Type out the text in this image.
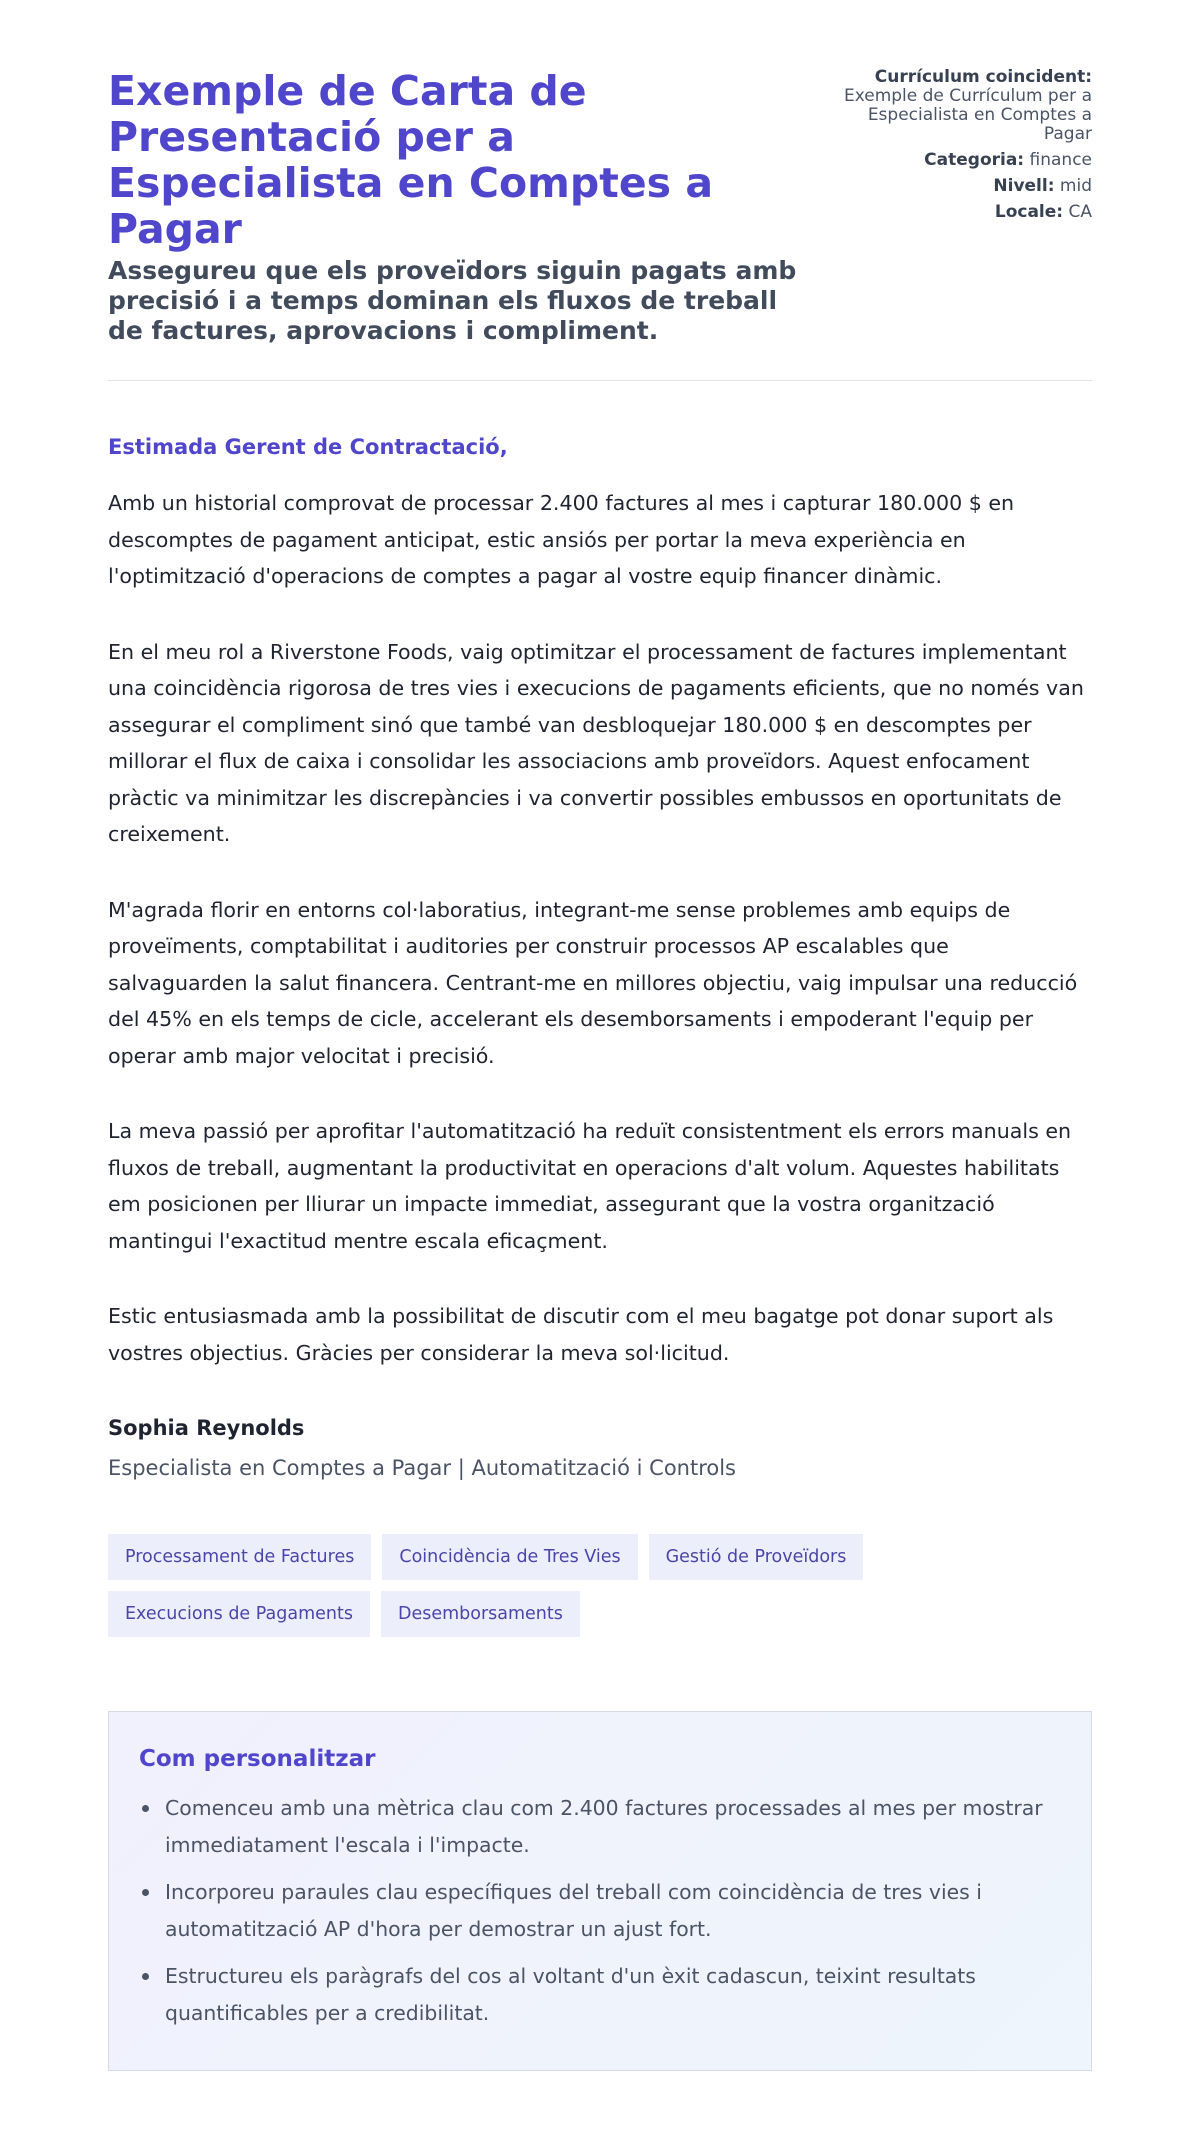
Exemple de Carta de Presentació per a Especialista en Comptes a Pagar
Assegureu que els proveïdors siguin pagats amb precisió i a temps dominan els fluxos de treball de factures, aprovacions i compliment.
Currículum coincident:
Exemple de Currículum per a Especialista en Comptes a Pagar
Categoria: finance
Nivell: mid
Locale: CA
Estimada Gerent de Contractació,

Amb un historial comprovat de processar 2.400 factures al mes i capturar 180.000 $ en descomptes de pagament anticipat, estic ansiós per portar la meva experiència en l'optimització d'operacions de comptes a pagar al vostre equip financer dinàmic.

En el meu rol a Riverstone Foods, vaig optimitzar el processament de factures implementant una coincidència rigorosa de tres vies i execucions de pagaments eficients, que no només van assegurar el compliment sinó que també van desbloquejar 180.000 $ en descomptes per millorar el flux de caixa i consolidar les associacions amb proveïdors. Aquest enfocament pràctic va minimitzar les discrepàncies i va convertir possibles embussos en oportunitats de creixement.

M'agrada florir en entorns col·laboratius, integrant-me sense problemes amb equips de proveïments, comptabilitat i auditories per construir processos AP escalables que salvaguarden la salut financera. Centrant-me en millores objectiu, vaig impulsar una reducció del 45% en els temps de cicle, accelerant els desemborsaments i empoderant l'equip per operar amb major velocitat i precisió.

La meva passió per aprofitar l'automatització ha reduït consistentment els errors manuals en fluxos de treball, augmentant la productivitat en operacions d'alt volum. Aquestes habilitats em posicionen per lliurar un impacte immediat, assegurant que la vostra organització mantingui l'exactitud mentre escala eficaçment.

Estic entusiasmada amb la possibilitat de discutir com el meu bagatge pot donar suport als vostres objectius. Gràcies per considerar la meva sol·licitud.

Sophia Reynolds
Especialista en Comptes a Pagar | Automatització i Controls
Processament de Factures	Coincidència de Tres Vies	Gestió de Proveïdors
Execucions de Pagaments	Desemborsaments
Com personalitzar
Comenceu amb una mètrica clau com 2.400 factures processades al mes per mostrar immediatament l'escala i l'impacte.
Incorporeu paraules clau específiques del treball com coincidència de tres vies i automatització AP d'hora per demostrar un ajust fort.
Estructureu els paràgrafs del cos al voltant d'un èxit cadascun, teixint resultats quantificables per a credibilitat.
